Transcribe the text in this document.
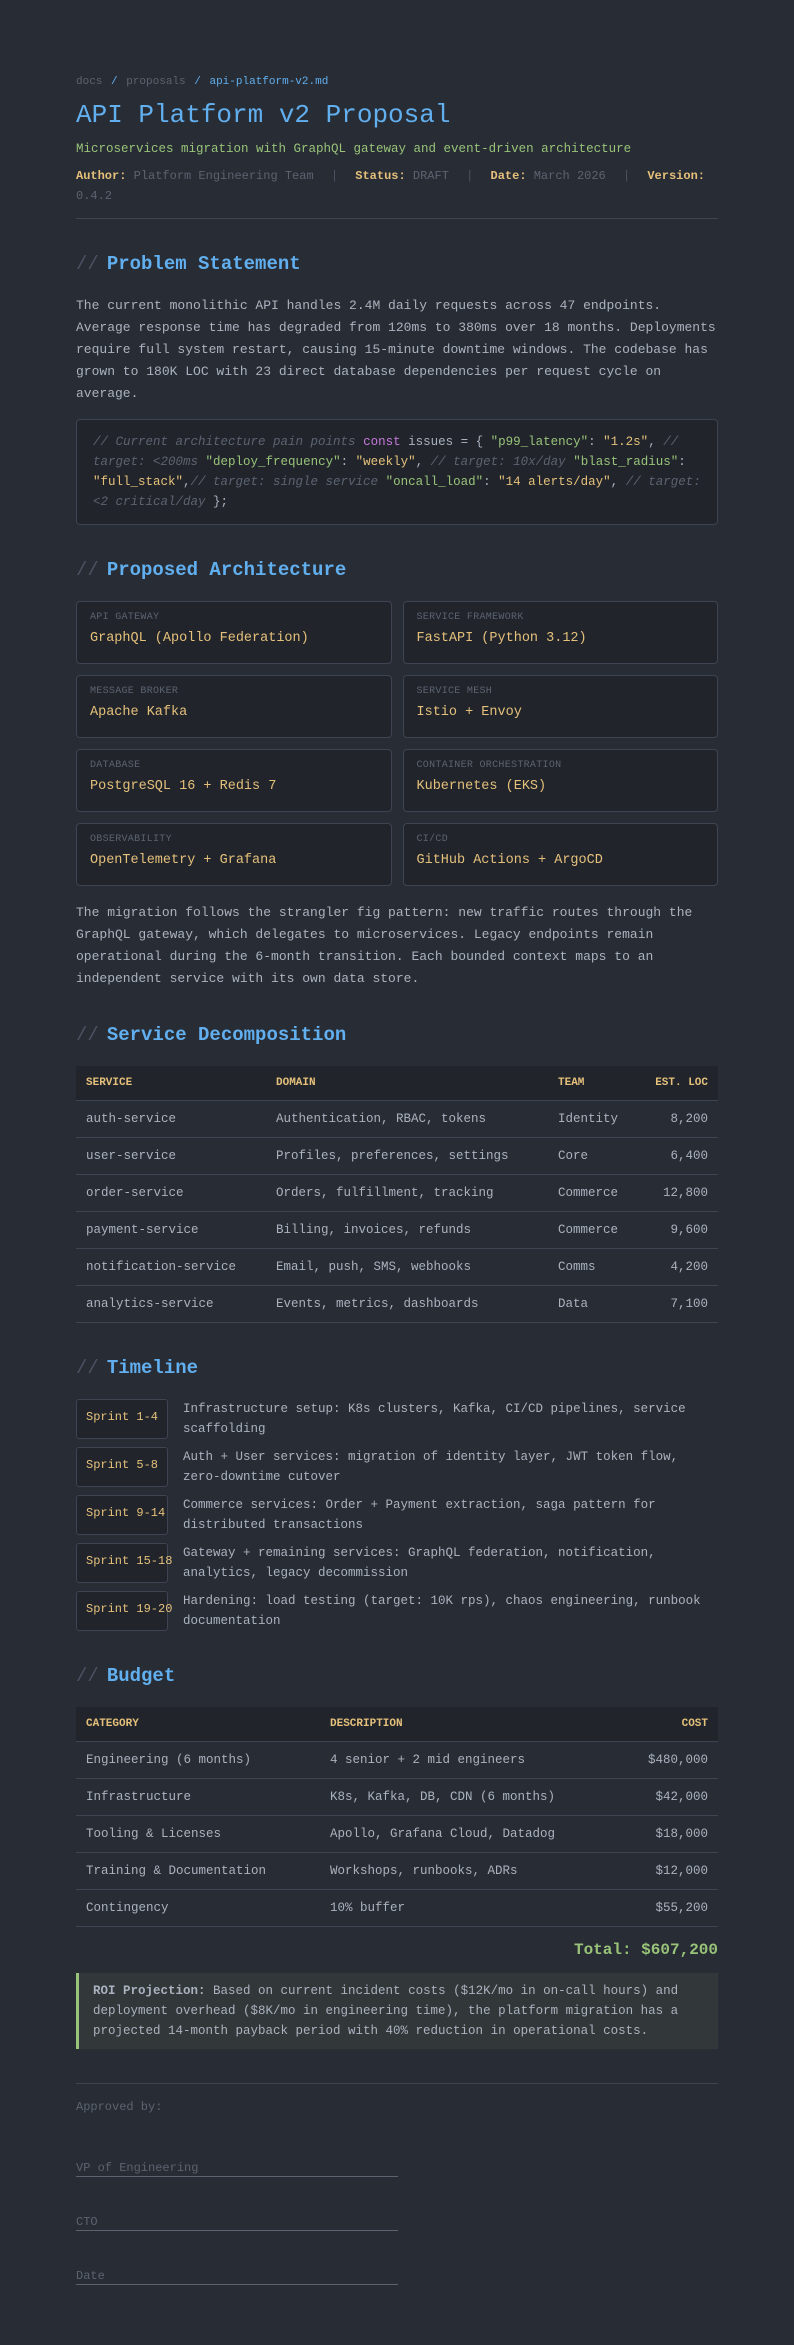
docs / proposals / api-platform-v2.md
API Platform v2 Proposal
Microservices migration with GraphQL gateway and event-driven architecture
Author: Platform Engineering Team | Status: DRAFT | Date: March 2026 | Version: 0.4.2
// Problem Statement

The current monolithic API handles 2.4M daily requests across 47 endpoints. Average response time has degraded from 120ms to 380ms over 18 months. Deployments require full system restart, causing 15-minute downtime windows. The codebase has grown to 180K LOC with 23 direct database dependencies per request cycle on average.

// Current architecture pain points const issues = { "p99_latency": "1.2s", // target: <200ms "deploy_frequency": "weekly", // target: 10x/day "blast_radius": "full_stack",// target: single service "oncall_load": "14 alerts/day", // target: <2 critical/day };
// Proposed Architecture
API GATEWAY
GraphQL (Apollo Federation)
SERVICE FRAMEWORK
FastAPI (Python 3.12)
MESSAGE BROKER
Apache Kafka
SERVICE MESH
Istio + Envoy
DATABASE
PostgreSQL 16 + Redis 7
CONTAINER ORCHESTRATION
Kubernetes (EKS)
OBSERVABILITY
OpenTelemetry + Grafana
CI/CD
GitHub Actions + ArgoCD

The migration follows the strangler fig pattern: new traffic routes through the GraphQL gateway, which delegates to microservices. Legacy endpoints remain operational during the 6-month transition. Each bounded context maps to an independent service with its own data store.

// Service Decomposition
SERVICE	DOMAIN	TEAM	EST. LOC
auth-service	Authentication, RBAC, tokens	Identity	8,200
user-service	Profiles, preferences, settings	Core	6,400
order-service	Orders, fulfillment, tracking	Commerce	12,800
payment-service	Billing, invoices, refunds	Commerce	9,600
notification-service	Email, push, SMS, webhooks	Comms	4,200
analytics-service	Events, metrics, dashboards	Data	7,100
// Timeline
Sprint 1-4
Infrastructure setup: K8s clusters, Kafka, CI/CD pipelines, service scaffolding
Sprint 5-8
Auth + User services: migration of identity layer, JWT token flow, zero-downtime cutover
Sprint 9-14
Commerce services: Order + Payment extraction, saga pattern for distributed transactions
Sprint 15-18
Gateway + remaining services: GraphQL federation, notification, analytics, legacy decommission
Sprint 19-20
Hardening: load testing (target: 10K rps), chaos engineering, runbook documentation
// Budget
CATEGORY	DESCRIPTION	COST
Engineering (6 months)	4 senior + 2 mid engineers	$480,000
Infrastructure	K8s, Kafka, DB, CDN (6 months)	$42,000
Tooling & Licenses	Apollo, Grafana Cloud, Datadog	$18,000
Training & Documentation	Workshops, runbooks, ADRs	$12,000
Contingency	10% buffer	$55,200
Total: $607,200
ROI Projection: Based on current incident costs ($12K/mo in on-call hours) and deployment overhead ($8K/mo in engineering time), the platform migration has a projected 14-month payback period with 40% reduction in operational costs.
Approved by:
VP of Engineering
CTO
Date
